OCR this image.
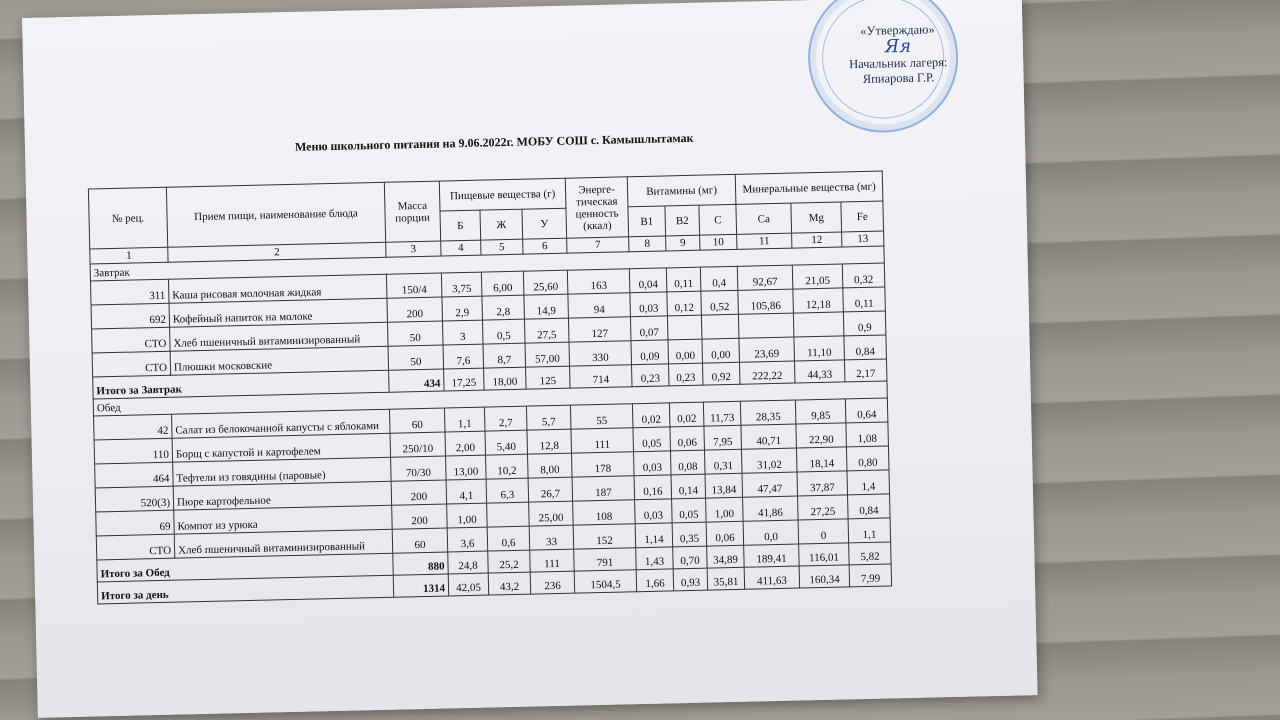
«Утверждаю»
Яя
Начальник лагеря:
Япиарова Г.Р.
Меню школьного питания на 9.06.2022г. МОБУ СОШ с. Камышлытамак
№ рец.	Прием пищи, наименование блюда	Масса порции	Пищевые вещества (г)			Энерге-тическая ценность (ккал)	Витамины (мг)			Минеральные вещества (мг)		
			Б	Ж	У		B1	B2	C	Ca	Mg	Fe
1	2	3	4	5	6	7	8	9	10	11	12	13
Завтрак												
311	Каша рисовая молочная жидкая	150/4	3,75	6,00	25,60	163	0,04	0,11	0,4	92,67	21,05	0,32
692	Кофейный напиток на молоке	200	2,9	2,8	14,9	94	0,03	0,12	0,52	105,86	12,18	0,11
СТО	Хлеб пшеничный витаминизированный	50	3	0,5	27,5	127	0,07					0,9
СТО	Плюшки московские	50	7,6	8,7	57,00	330	0,09	0,00	0,00	23,69	11,10	0,84
Итого за Завтрак		434	17,25	18,00	125	714	0,23	0,23	0,92	222,22	44,33	2,17
Обед												
42	Салат из белокочанной капусты с яблоками	60	1,1	2,7	5,7	55	0,02	0,02	11,73	28,35	9,85	0,64
110	Борщ с капустой и картофелем	250/10	2,00	5,40	12,8	111	0,05	0,06	7,95	40,71	22,90	1,08
464	Тефтели из говядины (паровые)	70/30	13,00	10,2	8,00	178	0,03	0,08	0,31	31,02	18,14	0,80
520(3)	Пюре картофельное	200	4,1	6,3	26,7	187	0,16	0,14	13,84	47,47	37,87	1,4
69	Компот из урюка	200	1,00		25,00	108	0,03	0,05	1,00	41,86	27,25	0,84
СТО	Хлеб пшеничный витаминизированный	60	3,6	0,6	33	152	1,14	0,35	0,06	0,0	0	1,1
Итого за Обед		880	24,8	25,2	111	791	1,43	0,70	34,89	189,41	116,01	5,82
Итого за день		1314	42,05	43,2	236	1504,5	1,66	0,93	35,81	411,63	160,34	7,99
